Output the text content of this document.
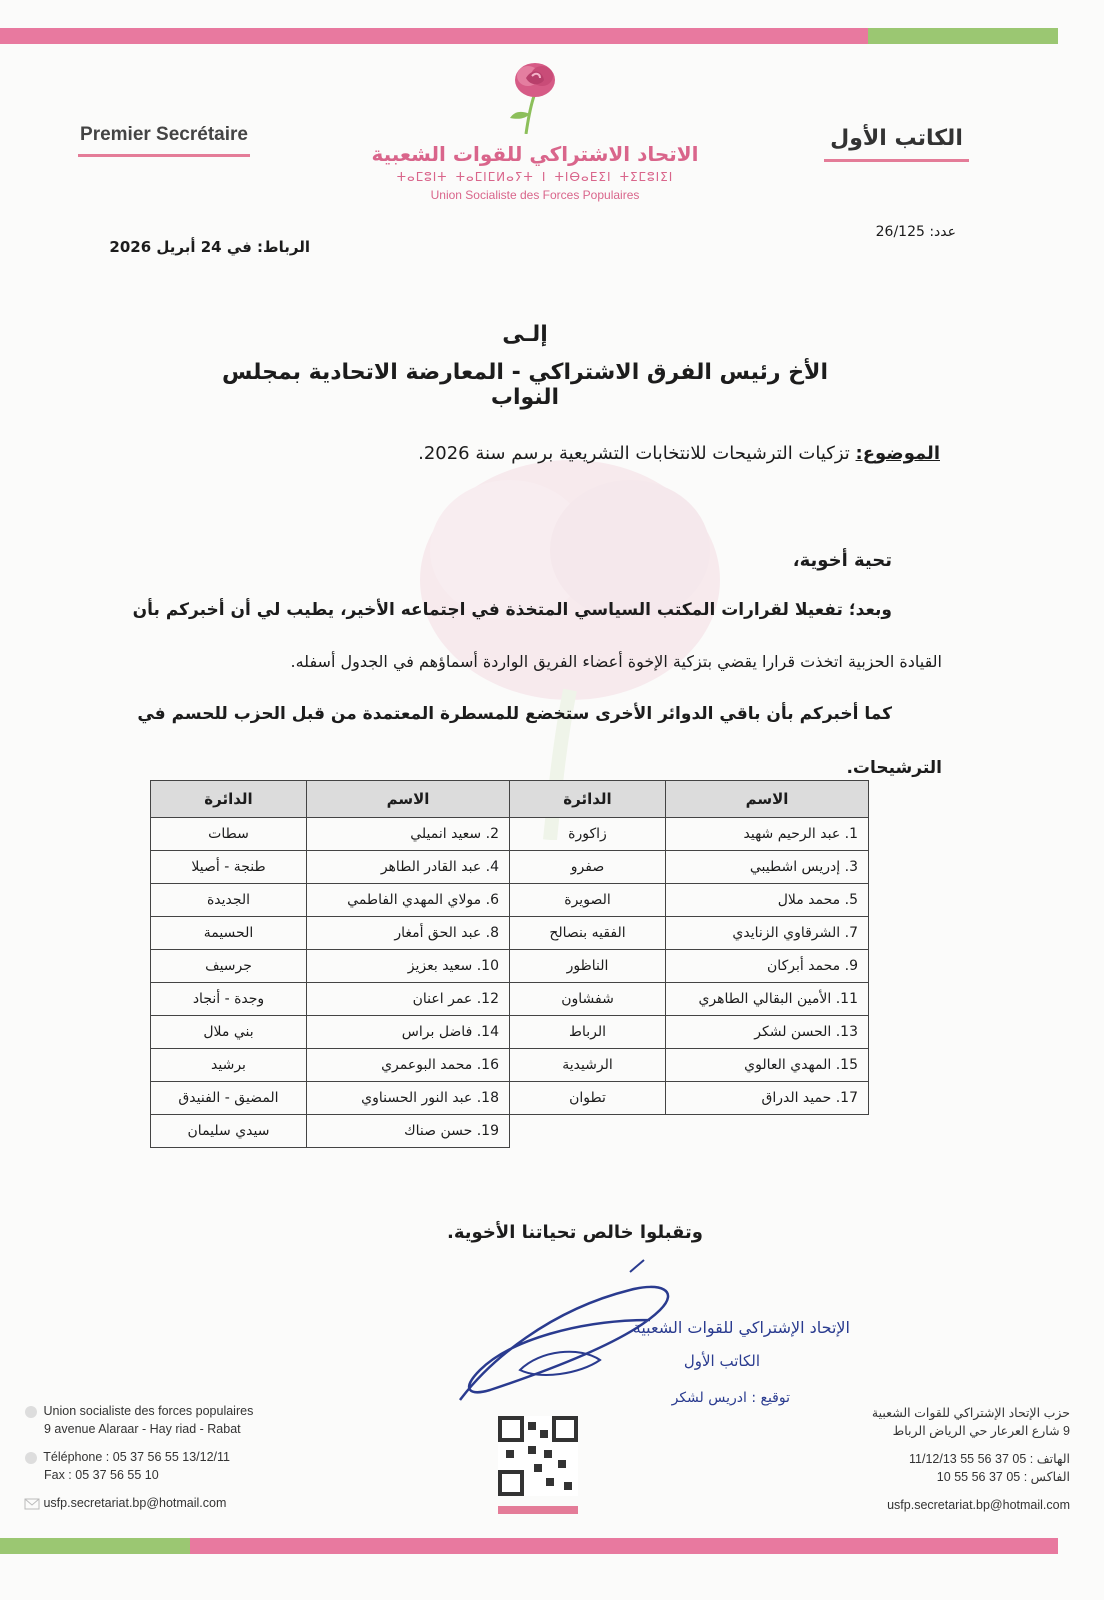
Premier Secrétaire
الاتحاد الاشتراكي للقوات الشعبية
ⵜⴰⵎⵓⵏⵜ ⵜⴰⵎⵏⵎⵍⴰⵢⵜ ⵏ ⵜⵏⴱⴰⴹⵉⵏ ⵜⵉⵎⵓⵏⵉⵏ
Union Socialiste des Forces Populaires
الكاتب الأول
عدد: 26/125
الرباط: في 24 أبريل 2026
إلـى
الأخ رئيس الفرق الاشتراكي - المعارضة الاتحادية بمجلس النواب
الموضوع: تزكيات الترشيحات للانتخابات التشريعية برسم سنة 2026.
تحية أخوية،
وبعد؛ تفعيلا لقرارات المكتب السياسي المتخذة في اجتماعه الأخير، يطيب لي أن أخبركم بأن
القيادة الحزبية اتخذت قرارا يقضي بتزكية الإخوة أعضاء الفريق الواردة أسماؤهم في الجدول أسفله.
كما أخبركم بأن باقي الدوائر الأخرى ستخضع للمسطرة المعتمدة من قبل الحزب للحسم في
الترشيحات.
الاسم	الدائرة	الاسم	الدائرة
1. عبد الرحيم شهيد	زاكورة	2. سعيد انميلي	سطات
3. إدريس اشطيبي	صفرو	4. عبد القادر الطاهر	طنجة - أصيلا
5. محمد ملال	الصويرة	6. مولاي المهدي الفاطمي	الجديدة
7. الشرقاوي الزنايدي	الفقيه بنصالح	8. عبد الحق أمغار	الحسيمة
9. محمد أبركان	الناظور	10. سعيد بعزيز	جرسيف
11. الأمين البقالي الطاهري	شفشاون	12. عمر اعنان	وجدة - أنجاد
13. الحسن لشكر	الرباط	14. فاضل براس	بني ملال
15. المهدي العالوي	الرشيدية	16. محمد البوعمري	برشيد
17. حميد الدراق	تطوان	18. عبد النور الحسناوي	المضيق - الفنيدق
		19. حسن صناك	سيدي سليمان
وتقبلوا خالص تحياتنا الأخوية.
الإتحاد الإشتراكي للقوات الشعبية
الكاتب الأول
توقيع : ادريس لشكر
Union socialiste des forces populaires
9 avenue Alaraar - Hay riad - Rabat
Téléphone : 05 37 56 55 13/12/11
Fax : 05 37 56 55 10
usfp.secretariat.bp@hotmail.com
حزب الإتحاد الإشتراكي للقوات الشعبية
9 شارع العرعار حي الرياض الرباط
الهاتف : 05 37 56 55 11/12/13
الفاكس : 05 37 56 55 10
usfp.secretariat.bp@hotmail.com
